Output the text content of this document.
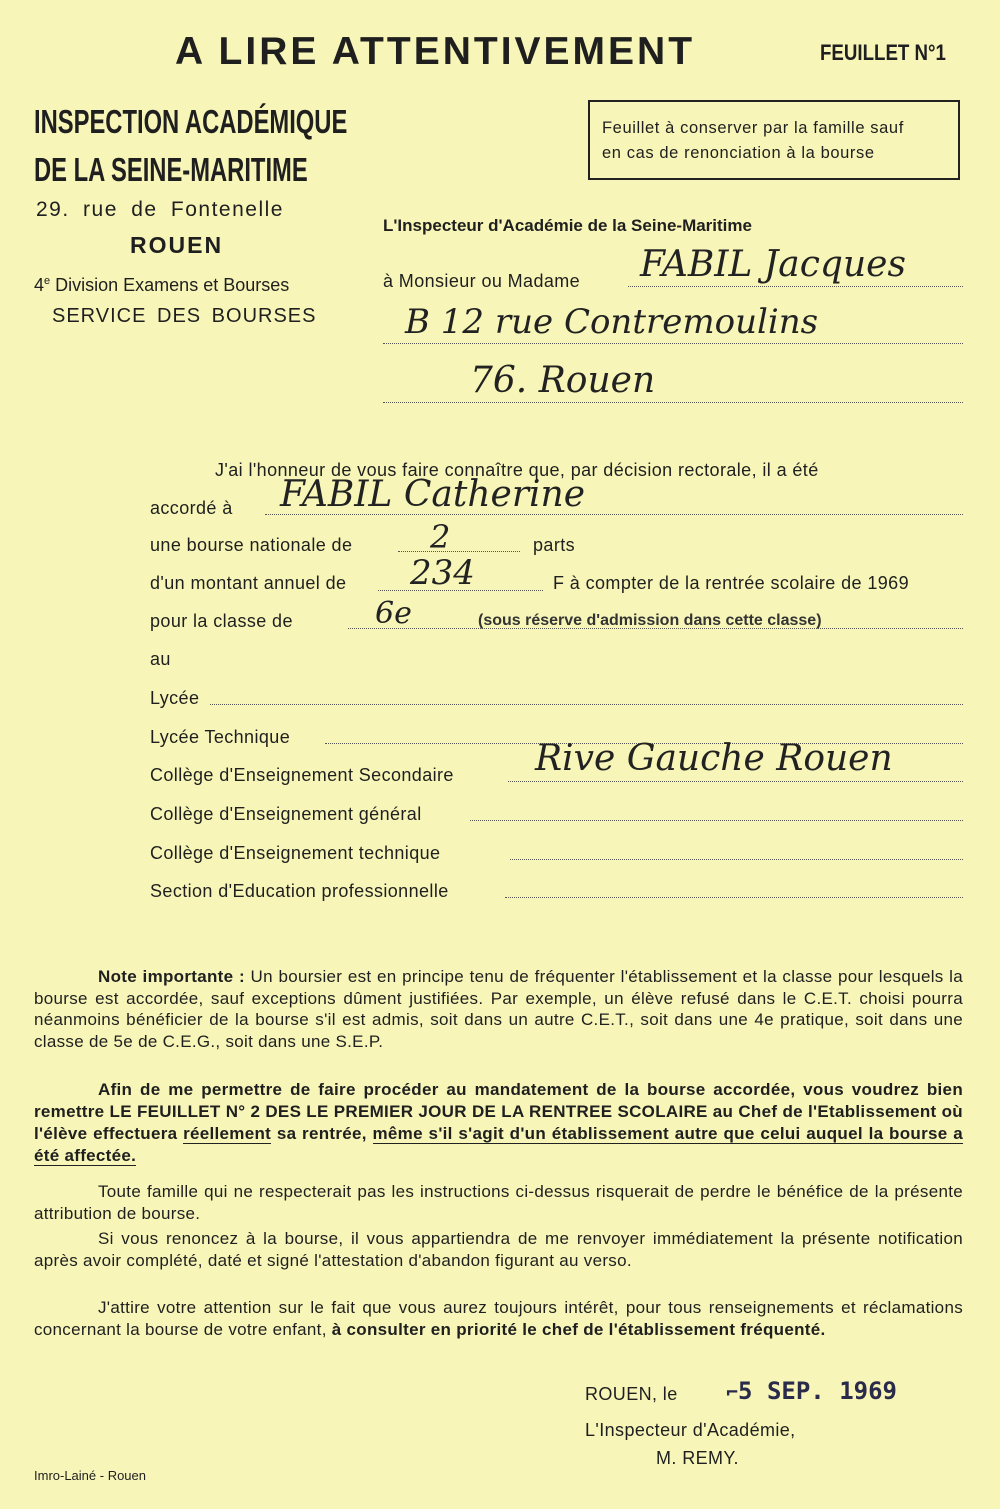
A LIRE ATTENTIVEMENT	FEUILLET N°1
INSPECTION ACADÉMIQUE
DE LA SEINE-MARITIME
29. rue de Fontenelle
ROUEN
4e Division Examens et Bourses
SERVICE DES BOURSES
Feuillet à conserver par la famille sauf
en cas de renonciation à la bourse
L'Inspecteur d'Académie de la Seine-Maritime
à Monsieur ou Madame FABIL Jacques
B 12 rue Contremoulins
76. Rouen
J'ai l'honneur de vous faire connaître que, par décision rectorale, il a été
accordé à FABIL Catherine
une bourse nationale de 2	parts
d'un montant annuel de 234	F à compter de la rentrée scolaire de 1969
pour la classe de	6e	(sous réserve d'admission dans cette classe)
au
Lycée
Lycée Technique
Collège d'Enseignement Secondaire Rive Gauche Rouen
Collège d'Enseignement général
Collège d'Enseignement technique
Section d'Education professionnelle
Note importante : Un boursier est en principe tenu de fréquenter l'établissement et la classe pour lesquels la bourse est accordée, sauf exceptions dûment justifiées. Par exemple, un élève refusé dans le C.E.T. choisi pourra néanmoins bénéficier de la bourse s'il est admis, soit dans un autre C.E.T., soit dans une 4e pratique, soit dans une classe de 5e de C.E.G., soit dans une S.E.P.
Afin de me permettre de faire procéder au mandatement de la bourse accordée, vous voudrez bien remettre LE FEUILLET N° 2 DES LE PREMIER JOUR DE LA RENTREE SCOLAIRE au Chef de l'Etablissement où l'élève effectuera réellement sa rentrée, même s'il s'agit d'un établissement autre que celui auquel la bourse a été affectée.
Toute famille qui ne respecterait pas les instructions ci-dessus risquerait de perdre le bénéfice de la présente attribution de bourse.
Si vous renoncez à la bourse, il vous appartiendra de me renvoyer immédiatement la présente notification après avoir complété, daté et signé l'attestation d'abandon figurant au verso.
J'attire votre attention sur le fait que vous aurez toujours intérêt, pour tous renseignements et réclamations concernant la bourse de votre enfant, à consulter en priorité le chef de l'établissement fréquenté.
ROUEN, le ⌐5 SEP. 1969
L'Inspecteur d'Académie,
M. REMY.
Imro-Lainé - Rouen
